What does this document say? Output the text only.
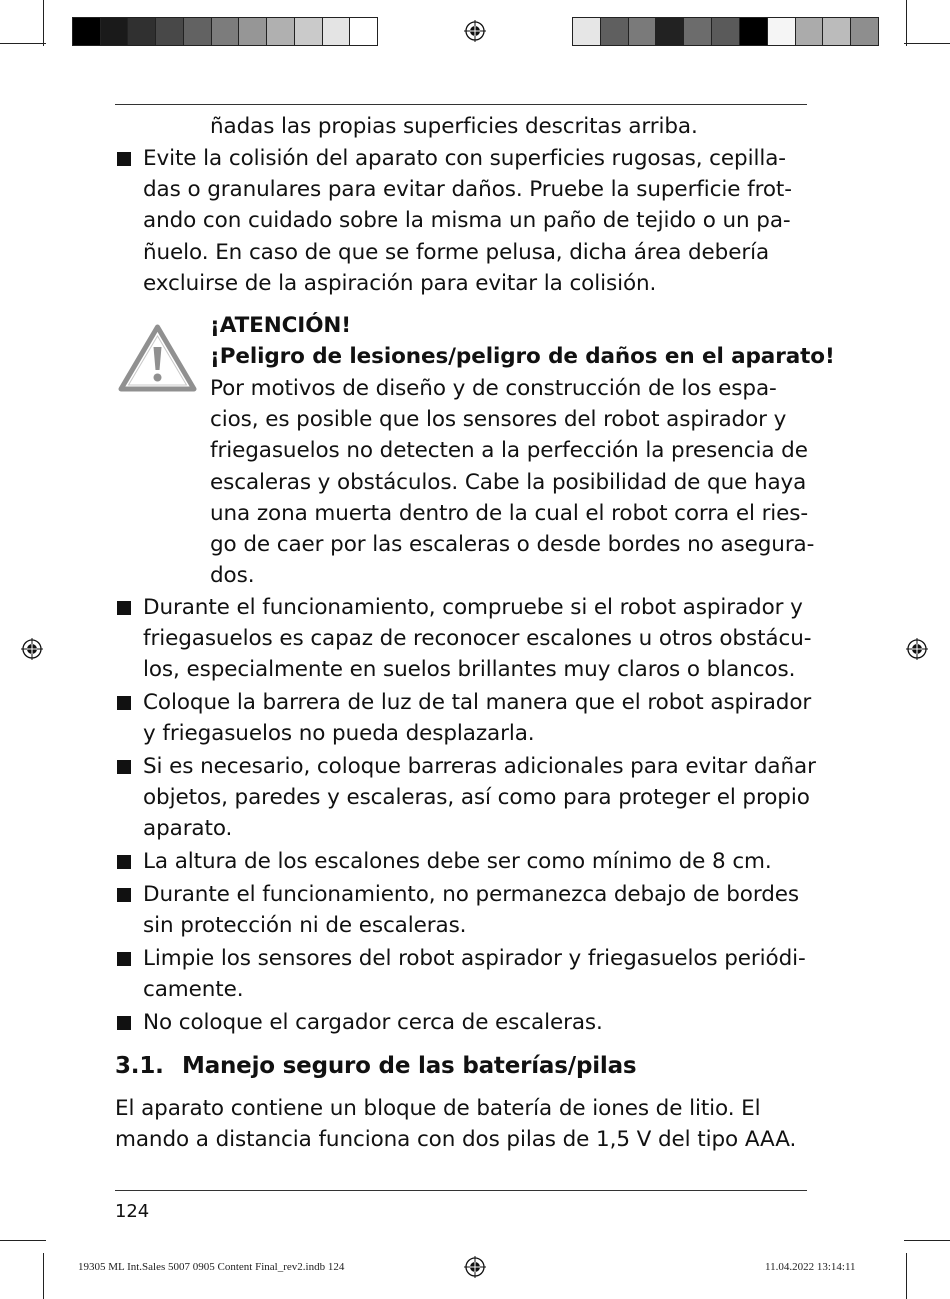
ñadas las propias superficies descritas arriba.
Evite la colisión del aparato con superficies rugosas, cepilla-
das o granulares para evitar daños. Pruebe la superficie frot-
ando con cuidado sobre la misma un paño de tejido o un pa-
ñuelo. En caso de que se forme pelusa, dicha área debería
excluirse de la aspiración para evitar la colisión.
¡ATENCIÓN!
¡Peligro de lesiones/peligro de daños en el aparato!
Por motivos de diseño y de construcción de los espa-
cios, es posible que los sensores del robot aspirador y
friegasuelos no detecten a la perfección la presencia de
escaleras y obstáculos. Cabe la posibilidad de que haya
una zona muerta dentro de la cual el robot corra el ries-
go de caer por las escaleras o desde bordes no asegura-
dos.
Durante el funcionamiento, compruebe si el robot aspirador y
friegasuelos es capaz de reconocer escalones u otros obstácu-
los, especialmente en suelos brillantes muy claros o blancos.
Coloque la barrera de luz de tal manera que el robot aspirador
y friegasuelos no pueda desplazarla.
Si es necesario, coloque barreras adicionales para evitar dañar
objetos, paredes y escaleras, así como para proteger el propio
aparato.
La altura de los escalones debe ser como mínimo de 8 cm.
Durante el funcionamiento, no permanezca debajo de bordes
sin protección ni de escaleras.
Limpie los sensores del robot aspirador y friegasuelos periódi-
camente.
No coloque el cargador cerca de escaleras.
3.1. Manejo seguro de las baterías/pilas
El aparato contiene un bloque de batería de iones de litio. El
mando a distancia funciona con dos pilas de 1,5 V del tipo AAA.
124
19305 ML Int.Sales 5007 0905 Content Final_rev2.indb 124	11.04.2022 13:14:11
